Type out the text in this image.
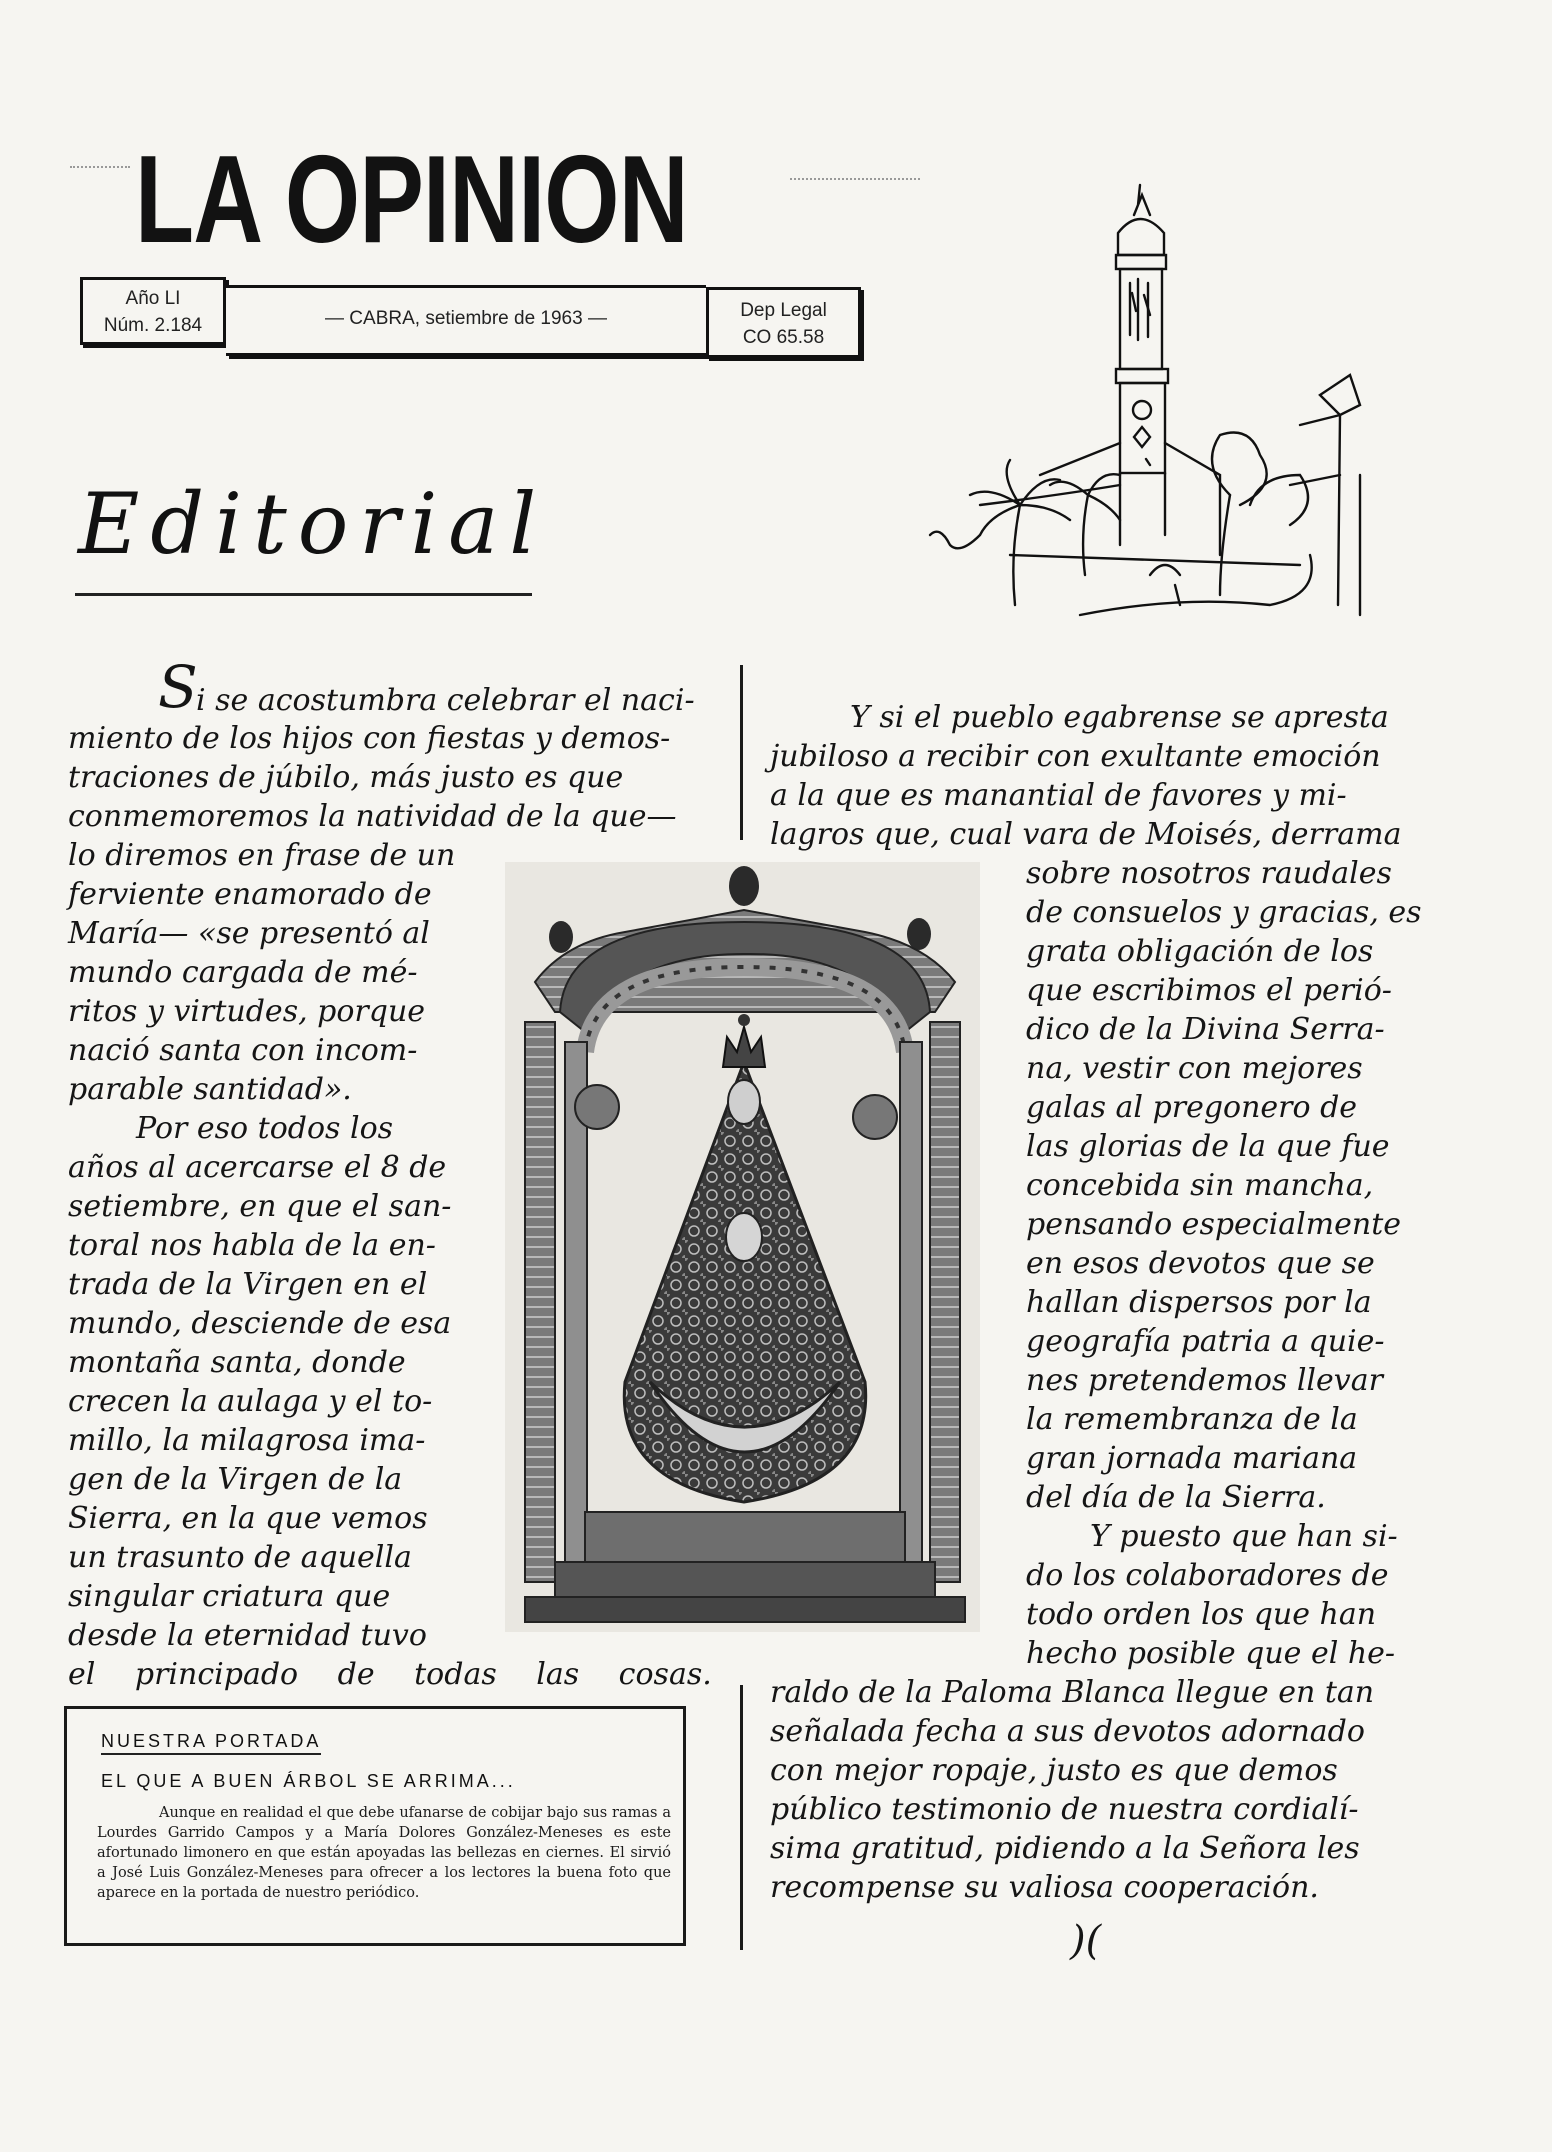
LA OPINION
Año LI
Núm. 2.184	— CABRA, setiembre de 1963 —	Dep Legal
CO 65.58
Editorial
S
i se acostumbra celebrar el naci-
miento de los hijos con fiestas y demos-
traciones de júbilo, más justo es que
conmemoremos la natividad de la que—
lo diremos en frase de un
ferviente enamorado de
María— «se presentó al
mundo cargada de mé-
ritos y virtudes, porque
nació santa con incom-
parable santidad».
Por eso todos los
años al acercarse el 8 de
setiembre, en que el san-
toral nos habla de la en-
trada de la Virgen en el
mundo, desciende de esa
montaña santa, donde
crecen la aulaga y el to-
millo, la milagrosa ima-
gen de la Virgen de la
Sierra, en la que vemos
un trasunto de aquella
singular criatura que
desde la eternidad tuvo
el principado de todas las cosas.
Y si el pueblo egabrense se apresta
jubiloso a recibir con exultante emoción
a la que es manantial de favores y mi-
lagros que, cual vara de Moisés, derrama
sobre nosotros raudales
de consuelos y gracias, es
grata obligación de los
que escribimos el perió-
dico de la Divina Serra-
na, vestir con mejores
galas al pregonero de
las glorias de la que fue
concebida sin mancha,
pensando especialmente
en esos devotos que se
hallan dispersos por la
geografía patria a quie-
nes pretendemos llevar
la remembranza de la
gran jornada mariana
del día de la Sierra.
Y puesto que han si-
do los colaboradores de
todo orden los que han
hecho posible que el he-
raldo de la Paloma Blanca llegue en tan
señalada fecha a sus devotos adornado
con mejor ropaje, justo es que demos
público testimonio de nuestra cordialí-
sima gratitud, pidiendo a la Señora les
recompense su valiosa cooperación.
)(
NUESTRA PORTADA
EL QUE A BUEN ÁRBOL SE ARRIMA...
Aunque en realidad el que debe ufanarse de cobijar bajo sus ramas a Lourdes Garrido Campos y a María Dolores González-Meneses es este afortunado limonero en que están apoyadas las bellezas en ciernes. El sirvió a José Luis González-Meneses para ofrecer a los lectores la buena foto que aparece en la portada de nuestro periódico.
